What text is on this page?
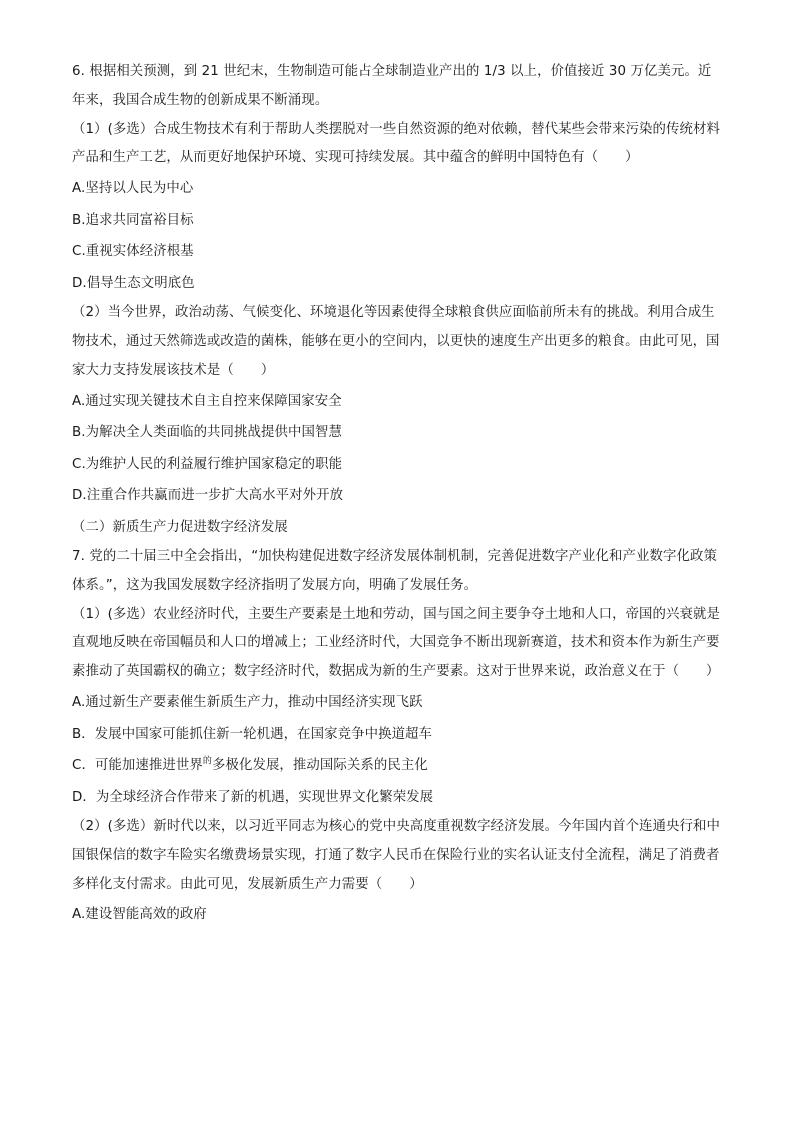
6. 根据相关预测，到 21 世纪末，生物制造可能占全球制造业产出的 1/3 以上，价值接近 30 万亿美元。近年来，我国合成生物的创新成果不断涌现。

（1）(多选）合成生物技术有利于帮助人类摆脱对一些自然资源的绝对依赖，替代某些会带来污染的传统材料产品和生产工艺，从而更好地保护环境、实现可持续发展。其中蕴含的鲜明中国特色有（　　）

A.坚持以人民为中心

B.追求共同富裕目标

C.重视实体经济根基

D.倡导生态文明底色

（2）当今世界，政治动荡、气候变化、环境退化等因素使得全球粮食供应面临前所未有的挑战。利用合成生物技术，通过天然筛选或改造的菌株，能够在更小的空间内，以更快的速度生产出更多的粮食。由此可见，国家大力支持发展该技术是（　　）

A.通过实现关键技术自主自控来保障国家安全

B.为解决全人类面临的共同挑战提供中国智慧

C.为维护人民的利益履行维护国家稳定的职能

D.注重合作共赢而进一步扩大高水平对外开放

（二）新质生产力促进数字经济发展

7. 党的二十届三中全会指出，“加快构建促进数字经济发展体制机制，完善促进数字产业化和产业数字化政策体系。”，这为我国发展数字经济指明了发展方向，明确了发展任务。

（1）(多选）农业经济时代，主要生产要素是土地和劳动，国与国之间主要争夺土地和人口，帝国的兴衰就是直观地反映在帝国幅员和人口的增减上；工业经济时代，大国竞争不断出现新赛道，技术和资本作为新生产要素推动了英国霸权的确立；数字经济时代，数据成为新的生产要素。这对于世界来说，政治意义在于（　　）

A.通过新生产要素催生新质生产力，推动中国经济实现飞跃

B．发展中国家可能抓住新一轮机遇，在国家竞争中换道超车

C．可能加速推进世界$^的$多极化发展，推动国际关系的民主化

D．为全球经济合作带来了新的机遇，实现世界文化繁荣发展

（2）(多选）新时代以来，以习近平同志为核心的党中央高度重视数字经济发展。今年国内首个连通央行和中国银保信的数字车险实名缴费场景实现，打通了数字人民币在保险行业的实名认证支付全流程，满足了消费者多样化支付需求。由此可见，发展新质生产力需要（　　）

A.建设智能高效的政府
